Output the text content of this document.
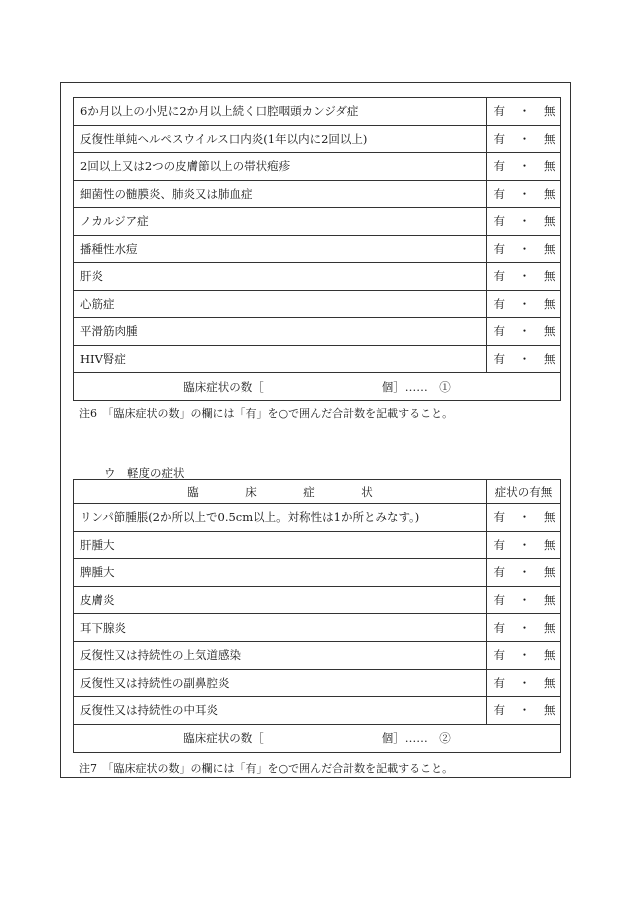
6か月以上の小児に2か月以上続く口腔咽頭カンジダ症	有 ・ 無
反復性単純ヘルペスウイルス口内炎(1年以内に2回以上)	有 ・ 無
2回以上又は2つの皮膚節以上の帯状疱疹	有 ・ 無
細菌性の髄膜炎、肺炎又は肺血症	有 ・ 無
ノカルジア症	有 ・ 無
播種性水痘	有 ・ 無
肝炎	有 ・ 無
心筋症	有 ・ 無
平滑筋肉腫	有 ・ 無
HIV腎症	有 ・ 無
臨床症状の数［ 個］……　①	
注6　「臨床症状の数」の欄には「有」を○で囲んだ合計数を記載すること。
ウ　軽度の症状
臨 床 症 状	症状の有無
リンパ節腫脹(2か所以上で0.5cm以上。対称性は1か所とみなす。)	有 ・ 無
肝腫大	有 ・ 無
脾腫大	有 ・ 無
皮膚炎	有 ・ 無
耳下腺炎	有 ・ 無
反復性又は持続性の上気道感染	有 ・ 無
反復性又は持続性の副鼻腔炎	有 ・ 無
反復性又は持続性の中耳炎	有 ・ 無
臨床症状の数［ 個］……　②	
注7　「臨床症状の数」の欄には「有」を○で囲んだ合計数を記載すること。
